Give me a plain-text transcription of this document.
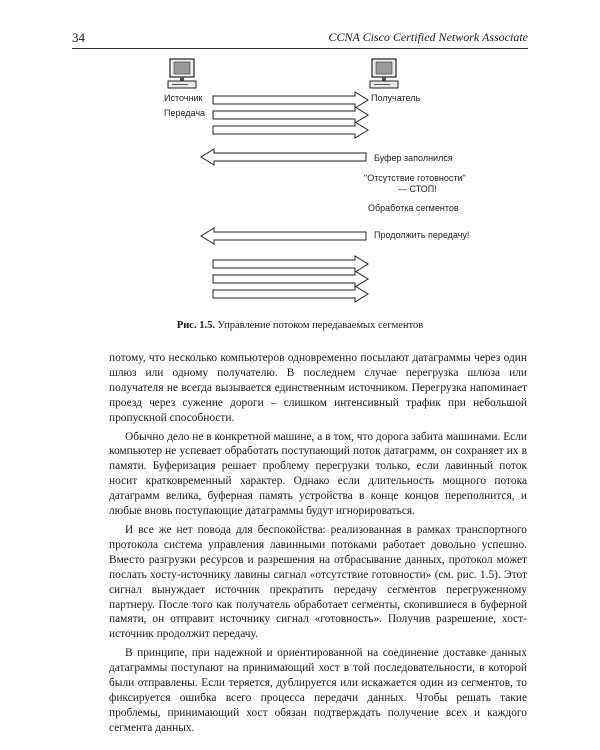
34	CCNA Cisco Certified Network Associate
Источник
Передача
Получатель
Буфер заполнился
"Отсутствие готовности"
— СТОП!
Обработка сегментов
Продолжить передачу!
Рис. 1.5. Управление потоком передаваемых сегментов

потому, что несколько компьютеров одновременно посылают датаграммы через один шлюз или одному получателю. В последнем случае перегрузка шлюза или получателя не всегда вызывается единственным источником. Перегрузка напоминает проезд через сужение дороги – слишком интенсивный трафик при небольшой пропускной способности.

Обычно дело не в конкретной машине, а в том, что дорога забита машинами. Если компьютер не успевает обработать поступающий поток датаграмм, он сохраняет их в памяти. Буферизация решает проблему перегрузки только, если лавинный поток носит кратковременный характер. Однако если длительность мощного потока датаграмм велика, буферная память устройства в конце концов переполнится, и любые вновь поступающие датаграммы будут игнорироваться.

И все же нет повода для беспокойства: реализованная в рамках транспортного протокола система управления лавинными потоками работает довольно успешно. Вместо разгрузки ресурсов и разрешения на отбрасывание данных, протокол может послать хосту-источнику лавины сигнал «отсутствие готовности» (см. рис. 1.5). Этот сигнал вынуждает источник прекратить передачу сегментов перегруженному партнеру. После того как получатель обработает сегменты, скопившиеся в буферной памяти, он отправит источнику сигнал «готовность». Получив разрешение, хост-источник продолжит передачу.

В принципе, при надежной и ориентированной на соединение доставке данных датаграммы поступают на принимающий хост в той последовательности, в которой были отправлены. Если теряется, дублируется или искажается один из сегментов, то фиксируется ошибка всего процесса передачи данных. Чтобы решать такие проблемы, принимающий хост обязан подтверждать получение всех и каждого сегмента данных.
